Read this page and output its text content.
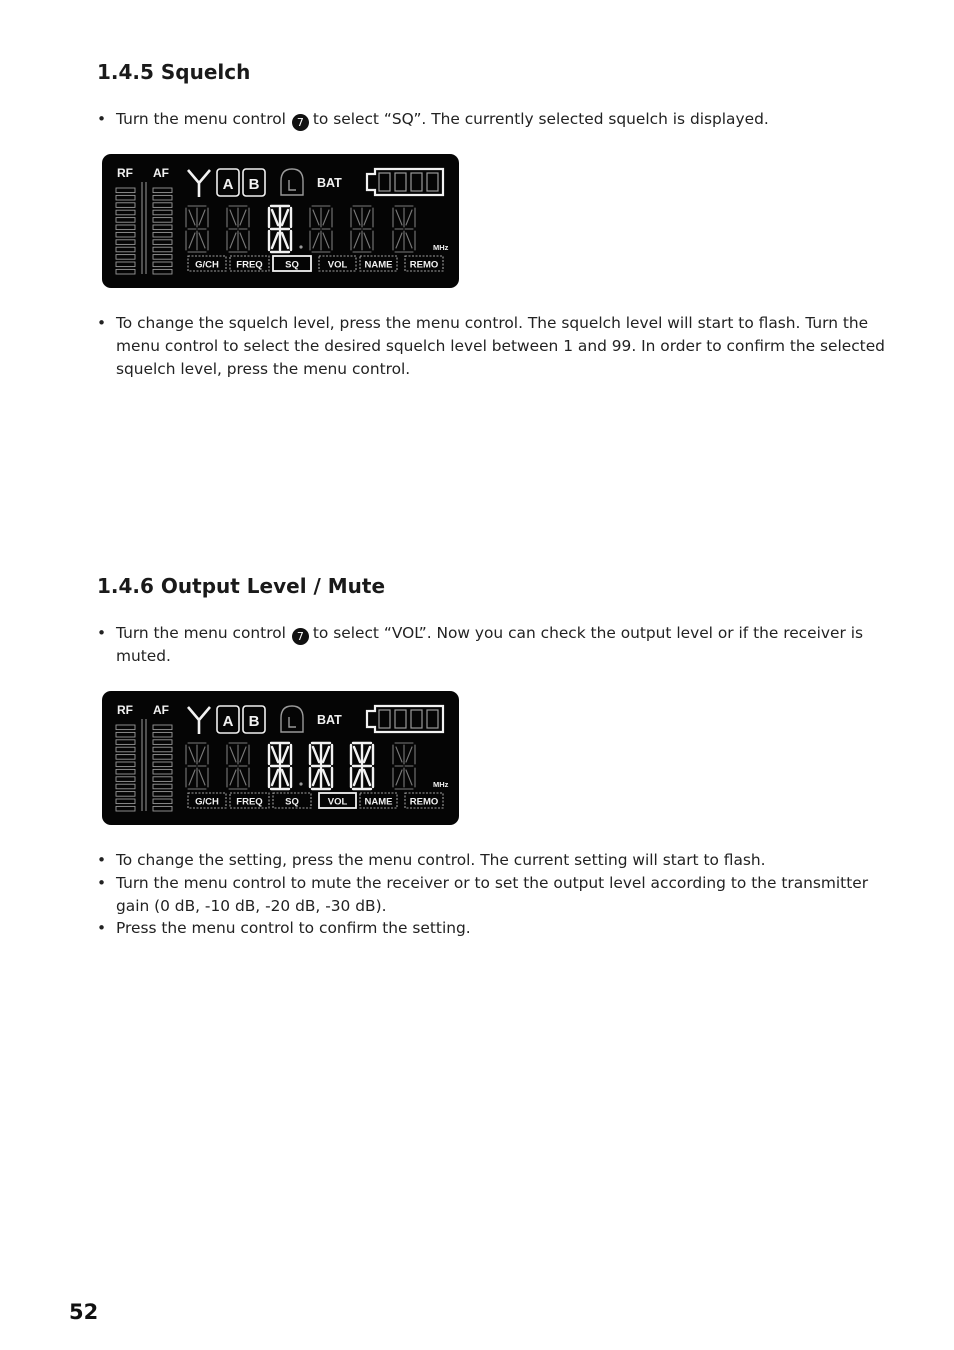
1.4.5 Squelch
• Turn the menu control 7 to select “SQ”. The currently selected squelch is displayed.
RF AF
A B	BAT
MHz
G/CH FREQ SQ	VOL NAME REMO
• To change the squelch level, press the menu control. The squelch level will start to flash. Turn the menu control to select the desired squelch level between 1 and 99. In order to confirm the selected squelch level, press the menu control.
1.4.6 Output Level / Mute
• Turn the menu control 7 to select “VOL”. Now you can check the output level or if the receiver is muted.
RF AF
A B	BAT
MHz
G/CH FREQ SQ	VOL NAME REMO
• To change the setting, press the menu control. The current setting will start to flash.
• Turn the menu control to mute the receiver or to set the output level according to the transmitter gain (0 dB, -10 dB, -20 dB, -30 dB).
• Press the menu control to confirm the setting.

52
